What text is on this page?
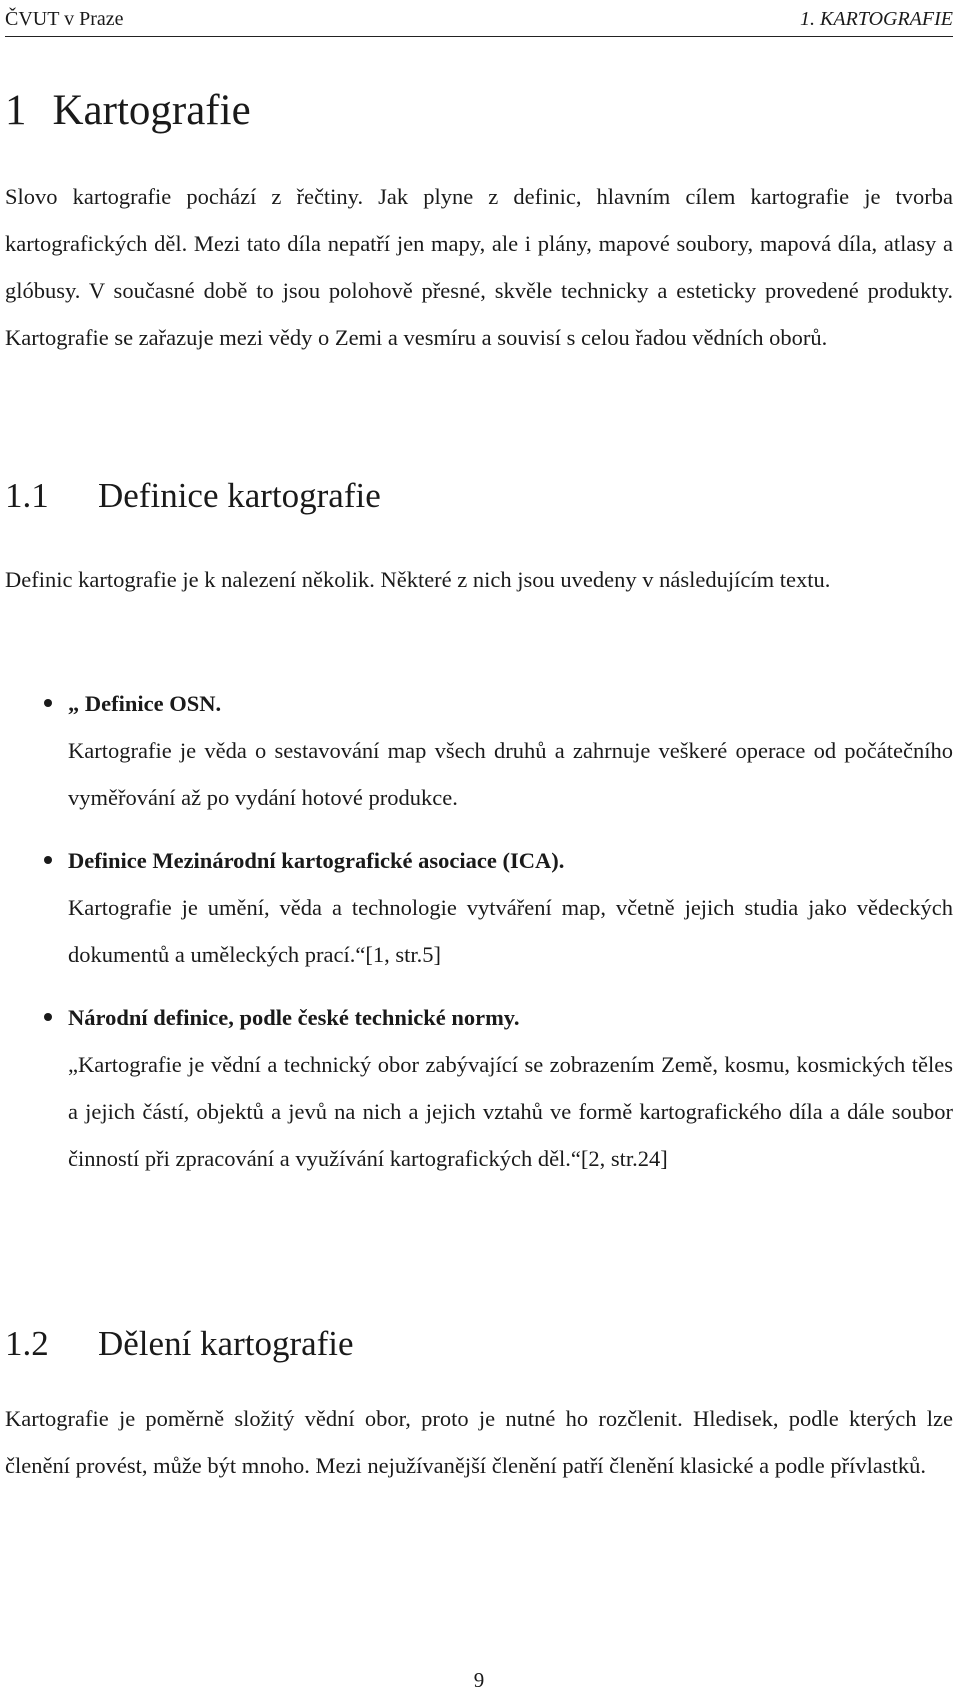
ČVUT v Praze	1. KARTOGRAFIE
1 Kartografie

Slovo kartografie pochází z řečtiny. Jak plyne z definic, hlavním cílem kartografie je tvorba kartografických děl. Mezi tato díla nepatří jen mapy, ale i plány, mapové soubory, mapová díla, atlasy a glóbusy. V současné době to jsou polohově přesné, skvěle technicky a esteticky provedené produkty. Kartografie se zařazuje mezi vědy o Zemi a vesmíru a souvisí s celou řadou vědních oborů.

1.1 Definice kartografie

Definic kartografie je k nalezení několik. Některé z nich jsou uvedeny v následujícím textu.

„ Definice OSN.
Kartografie je věda o sestavování map všech druhů a zahrnuje veškeré operace od počátečního vyměřování až po vydání hotové produkce.
Definice Mezinárodní kartografické asociace (ICA).
Kartografie je umění, věda a technologie vytváření map, včetně jejich studia jako vědeckých dokumentů a uměleckých prací.“[1, str.5]
Národní definice, podle české technické normy.
„Kartografie je vědní a technický obor zabývající se zobrazením Země, kosmu, kosmických těles a jejich částí, objektů a jevů na nich a jejich vztahů ve formě kartografického díla a dále soubor činností při zpracování a využívání kartografických děl.“[2, str.24]
1.2 Dělení kartografie

Kartografie je poměrně složitý vědní obor, proto je nutné ho rozčlenit. Hledisek, podle kterých lze členění provést, může být mnoho. Mezi nejužívanější členění patří členění klasické a podle přívlastků.

9
